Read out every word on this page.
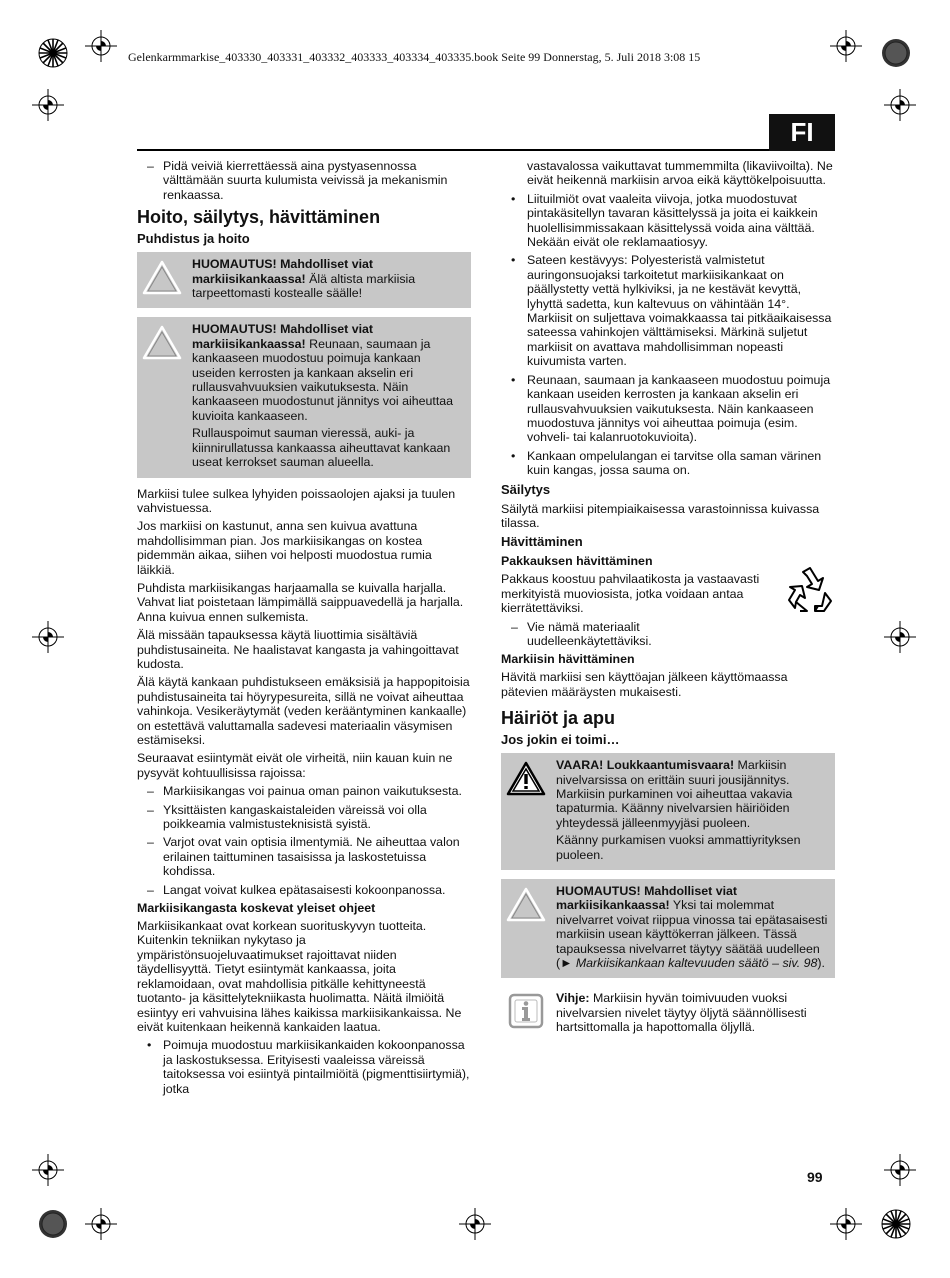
Gelenkarmmarkise_403330_403331_403332_403333_403334_403335.book Seite 99 Donnerstag, 5. Juli 2018 3:08 15
FI
– Pidä veiviä kierrettäessä aina pystyasennossa välttämään suurta kulumista veivissä ja mekanismin renkaassa.
Hoito, säilytys, hävittäminen
Puhdistus ja hoito

HUOMAUTUS! Mahdolliset viat markiisikankaassa! Älä altista markiisia tarpeettomasti kostealle säälle!

HUOMAUTUS! Mahdolliset viat markiisikankaassa! Reunaan, saumaan ja kankaaseen muodostuu poimuja kankaan useiden kerrosten ja kankaan akselin eri rullausvahvuuksien vaikutuksesta. Näin kankaaseen muodostunut jännitys voi aiheuttaa kuvioita kankaaseen.

Rullauspoimut sauman vieressä, auki- ja kiinnirullatussa kankaassa aiheuttavat kankaan useat kerrokset sauman alueella.

Markiisi tulee sulkea lyhyiden poissaolojen ajaksi ja tuulen vahvistuessa.

Jos markiisi on kastunut, anna sen kuivua avattuna mahdollisimman pian. Jos markiisikangas on kostea pidemmän aikaa, siihen voi helposti muodostua rumia läikkiä.

Puhdista markiisikangas harjaamalla se kuivalla harjalla. Vahvat liat poistetaan lämpimällä saippuavedellä ja harjalla. Anna kuivua ennen sulkemista.

Älä missään tapauksessa käytä liuottimia sisältäviä puhdistusaineita. Ne haalistavat kangasta ja vahingoittavat kudosta.

Älä käytä kankaan puhdistukseen emäksisiä ja happopitoisia puhdistusaineita tai höyrypesureita, sillä ne voivat aiheuttaa vahinkoja. Vesikeräytymät (veden kerääntyminen kankaalle) on estettävä valuttamalla sadevesi materiaalin väsymisen estämiseksi.

Seuraavat esiintymät eivät ole virheitä, niin kauan kuin ne pysyvät kohtuullisissa rajoissa:

– Markiisikangas voi painua oman painon vaikutuksesta.
– Yksittäisten kangaskaistaleiden väreissä voi olla poikkeamia valmistusteknisistä syistä.
– Varjot ovat vain optisia ilmentymiä. Ne aiheuttaa valon erilainen taittuminen tasaisissa ja laskostetuissa kohdissa.
– Langat voivat kulkea epätasaisesti kokoonpanossa.
Markiisikangasta koskevat yleiset ohjeet

Markiisikankaat ovat korkean suorituskyvyn tuotteita. Kuitenkin tekniikan nykytaso ja ympäristönsuojeluvaatimukset rajoittavat niiden täydellisyyttä. Tietyt esiintymät kankaassa, joita reklamoidaan, ovat mahdollisia pitkälle kehittyneestä tuotanto- ja käsittelytekniikasta huolimatta. Näitä ilmiöitä esiintyy eri vahvuisina lähes kaikissa markiisikankaissa. Ne eivät kuitenkaan heikennä kankaiden laatua.

• Poimuja muodostuu markiisikankaiden kokoonpanossa ja laskostuksessa. Erityisesti vaaleissa väreissä taitoksessa voi esiintyä pintailmiöitä (pigmenttisiirtymiä), jotka

vastavalossa vaikuttavat tummemmilta (likaviivoilta). Ne eivät heikennä markiisin arvoa eikä käyttökelpoisuutta.

• Liituilmiöt ovat vaaleita viivoja, jotka muodostuvat pintakäsitellyn tavaran käsittelyssä ja joita ei kaikkein huolellisimmissakaan käsittelyssä voida aina välttää. Nekään eivät ole reklamaatiosyy.
• Sateen kestävyys: Polyesteristä valmistetut auringonsuojaksi tarkoitetut markiisikankaat on päällystetty vettä hylkiviksi, ja ne kestävät kevyttä, lyhyttä sadetta, kun kaltevuus on vähintään 14°. Markiisit on suljettava voimakkaassa tai pitkäaikaisessa sateessa vahinkojen välttämiseksi. Märkinä suljetut markiisit on avattava mahdollisimman nopeasti kuivumista varten.
• Reunaan, saumaan ja kankaaseen muodostuu poimuja kankaan useiden kerrosten ja kankaan akselin eri rullausvahvuuksien vaikutuksesta. Näin kankaaseen muodostuva jännitys voi aiheuttaa poimuja (esim. vohveli- tai kalanruotokuvioita).
• Kankaan ompelulangan ei tarvitse olla saman värinen kuin kangas, jossa sauma on.
Säilytys

Säilytä markiisi pitempiaikaisessa varastoinnissa kuivassa tilassa.

Hävittäminen
Pakkauksen hävittäminen

Pakkaus koostuu pahvilaatikosta ja vastaavasti merkityistä muoviosista, jotka voidaan antaa kierrätettäviksi.

– Vie nämä materiaalit uudelleenkäytettäviksi.
Markiisin hävittäminen

Hävitä markiisi sen käyttöajan jälkeen käyttömaassa pätevien määräysten mukaisesti.

Häiriöt ja apu
Jos jokin ei toimi…

VAARA! Loukkaantumisvaara! Markiisin nivelvarsissa on erittäin suuri jousijännitys. Markiisin purkaminen voi aiheuttaa vakavia tapaturmia. Käänny nivelvarsien häiriöiden yhteydessä jälleenmyyjäsi puoleen.

Käänny purkamisen vuoksi ammattiyrityksen puoleen.

HUOMAUTUS! Mahdolliset viat markiisikankaassa! Yksi tai molemmat nivelvarret voivat riippua vinossa tai epätasaisesti markiisin usean käyttökerran jälkeen. Tässä tapauksessa nivelvarret täytyy säätää uudelleen
(► Markiisikankaan kaltevuuden säätö – siv. 98).

Vihje: Markiisin hyvän toimivuuden vuoksi nivelvarsien nivelet täytyy öljytä säännöllisesti hartsittomalla ja hapottomalla öljyllä.

99
